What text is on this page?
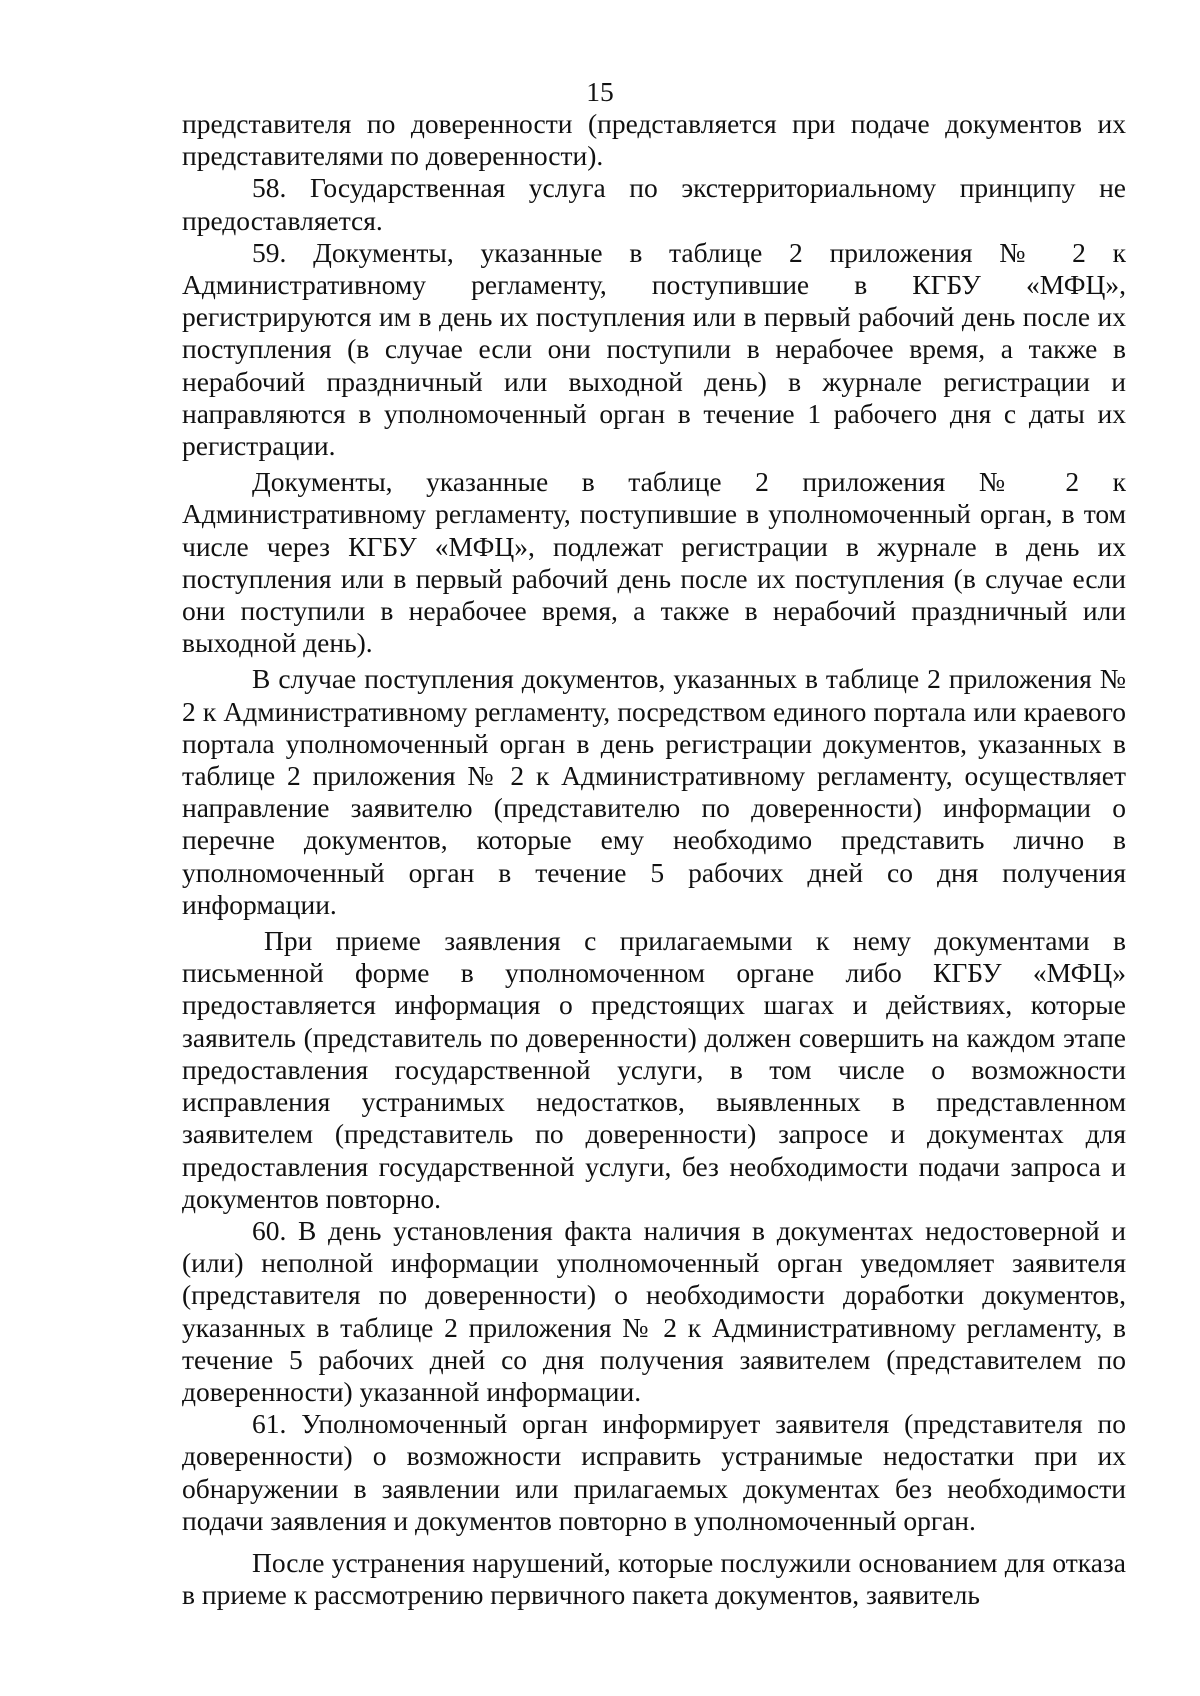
15

представителя по доверенности (представляется при подаче документов их представителями по доверенности).

58. Государственная услуга по экстерриториальному принципу не предоставляется.

59. Документы, указанные в таблице 2 приложения № 2 к Административному регламенту, поступившие в КГБУ «МФЦ», регистрируются им в день их поступления или в первый рабочий день после их поступления (в случае если они поступили в нерабочее время, а также в нерабочий праздничный или выходной день) в журнале регистрации и направляются в уполномоченный орган в течение 1 рабочего дня с даты их регистрации.

Документы, указанные в таблице 2 приложения № 2 к Административному регламенту, поступившие в уполномоченный орган, в том числе через КГБУ «МФЦ», подлежат регистрации в журнале в день их поступления или в первый рабочий день после их поступления (в случае если они поступили в нерабочее время, а также в нерабочий праздничный или выходной день).

В случае поступления документов, указанных в таблице 2 приложения № 2 к Административному регламенту, посредством единого портала или краевого портала уполномоченный орган в день регистрации документов, указанных в таблице 2 приложения № 2 к Административному регламенту, осуществляет направление заявителю (представителю по доверенности) информации о перечне документов, которые ему необходимо представить лично в уполномоченный орган в течение 5 рабочих дней со дня получения информации.

При приеме заявления с прилагаемыми к нему документами в письменной форме в уполномоченном органе либо КГБУ «МФЦ» предоставляется информация о предстоящих шагах и действиях, которые заявитель (представитель по доверенности) должен совершить на каждом этапе предоставления государственной услуги, в том числе о возможности исправления устранимых недостатков, выявленных в представленном заявителем (представитель по доверенности) запросе и документах для предоставления государственной услуги, без необходимости подачи запроса и документов повторно.

60. В день установления факта наличия в документах недостоверной и (или) неполной информации уполномоченный орган уведомляет заявителя (представителя по доверенности) о необходимости доработки документов, указанных в таблице 2 приложения № 2 к Административному регламенту, в течение 5 рабочих дней со дня получения заявителем (представителем по доверенности) указанной информации.

61. Уполномоченный орган информирует заявителя (представителя по доверенности) о возможности исправить устранимые недостатки при их обнаружении в заявлении или прилагаемых документах без необходимости подачи заявления и документов повторно в уполномоченный орган.

После устранения нарушений, которые послужили основанием для отказа в приеме к рассмотрению первичного пакета документов, заявитель
